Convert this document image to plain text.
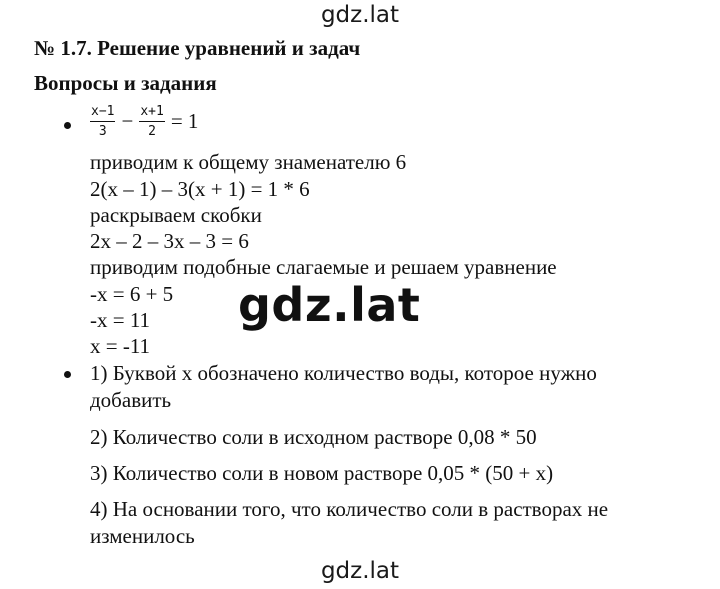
gdz.lat
№ 1.7. Решение уравнений и задач
Вопросы и задания
$\frac{x-1}{3} - \frac{x+1}{2} = 1$
приводим к общему знаменателю 6
2(x – 1) – 3(x + 1) = 1 * 6
раскрываем скобки
2x – 2 – 3x – 3 = 6
приводим подобные слагаемые и решаем уравнение
-x = 6 + 5
-x = 11
x = -11
gdz.lat
1) Буквой x обозначено количество воды, которое нужно
добавить
2) Количество соли в исходном растворе 0,08 * 50
3) Количество соли в новом растворе 0,05 * (50 + x)
4) На основании того, что количество соли в растворах не
изменилось
gdz.lat
